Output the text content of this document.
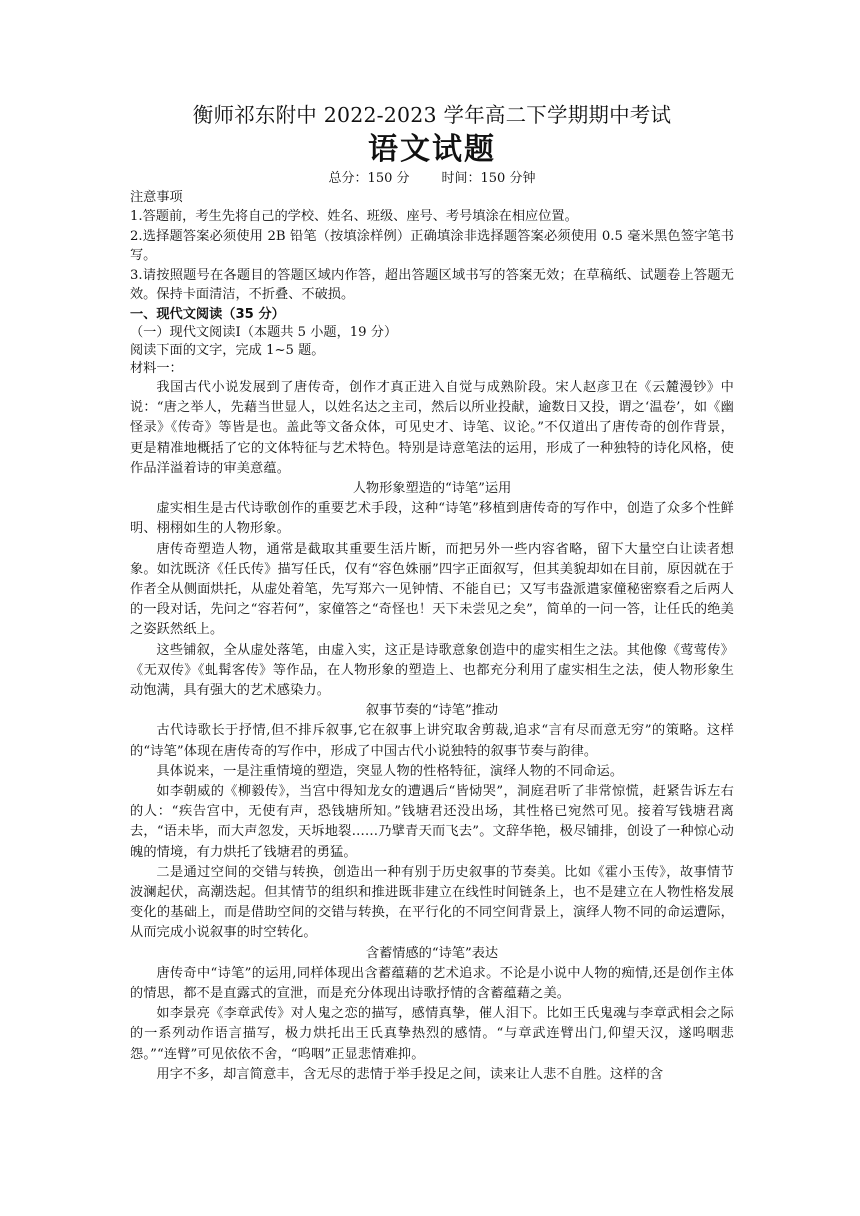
衡师祁东附中 2022-2023 学年高二下学期期中考试
语文试题
总分：150 分 时间：150 分钟
注意事项
1.答题前，考生先将自己的学校、姓名、班级、座号、考号填涂在相应位置。
2.选择题答案必须使用 2B 铅笔（按填涂样例）正确填涂非选择题答案必须使用 0.5 毫米黑色签字笔书写。
3.请按照题号在各题目的答题区域内作答，超出答题区域书写的答案无效；在草稿纸、试题卷上答题无效。保持卡面清洁，不折叠、不破损。
一、现代文阅读（35 分）
（一）现代文阅读Ⅰ（本题共 5 小题，19 分）
阅读下面的文字，完成 1~5 题。
材料一：

我国古代小说发展到了唐传奇，创作才真正进入自觉与成熟阶段。宋人赵彦卫在《云麓漫钞》中说：“唐之举人，先藉当世显人，以姓名达之主司，然后以所业投献，逾数日又投，谓之‘温卷’，如《幽怪录》《传奇》等皆是也。盖此等文备众体，可见史才、诗笔、议论。”不仅道出了唐传奇的创作背景，更是精准地概括了它的文体特征与艺术特色。特别是诗意笔法的运用，形成了一种独特的诗化风格，使作品洋溢着诗的审美意蕴。

人物形象塑造的“诗笔”运用

虚实相生是古代诗歌创作的重要艺术手段，这种“诗笔”移植到唐传奇的写作中，创造了众多个性鲜明、栩栩如生的人物形象。

唐传奇塑造人物，通常是截取其重要生活片断，而把另外一些内容省略，留下大量空白让读者想象。如沈既济《任氏传》描写任氏，仅有“容色姝丽”四字正面叙写，但其美貌却如在目前，原因就在于作者全从侧面烘托，从虚处着笔，先写郑六一见钟情、不能自已；又写韦盎派遣家僮秘密察看之后两人的一段对话，先问之“容若何”，家僮答之“奇怪也！天下未尝见之矣”，简单的一问一答，让任氏的绝美之姿跃然纸上。

这些铺叙，全从虚处落笔，由虚入实，这正是诗歌意象创造中的虚实相生之法。其他像《莺莺传》《无双传》《虬髯客传》等作品，在人物形象的塑造上、也都充分利用了虚实相生之法，使人物形象生动饱满，具有强大的艺术感染力。

叙事节奏的“诗笔”推动

古代诗歌长于抒情,但不排斥叙事,它在叙事上讲究取舍剪裁,追求“言有尽而意无穷”的策略。这样的“诗笔”体现在唐传奇的写作中，形成了中国古代小说独特的叙事节奏与韵律。

具体说来，一是注重情境的塑造，突显人物的性格特征，演绎人物的不同命运。

如李朝威的《柳毅传》，当宫中得知龙女的遭遇后“皆恸哭”，洞庭君听了非常惊慌，赶紧告诉左右的人：“疾告宫中，无使有声，恐钱塘所知。”钱塘君还没出场，其性格已宛然可见。接着写钱塘君离去，“语未毕，而大声忽发，天坼地裂……乃擘青天而飞去”。文辞华艳，极尽铺排，创设了一种惊心动魄的情境，有力烘托了钱塘君的勇猛。

二是通过空间的交错与转换，创造出一种有别于历史叙事的节奏美。比如《霍小玉传》，故事情节波澜起伏，高潮迭起。但其情节的组织和推进既非建立在线性时间链条上，也不是建立在人物性格发展变化的基础上，而是借助空间的交错与转换，在平行化的不同空间背景上，演绎人物不同的命运遭际，从而完成小说叙事的时空转化。

含蓄情感的“诗笔”表达

唐传奇中“诗笔”的运用,同样体现出含蓄蕴藉的艺术追求。不论是小说中人物的痴情,还是创作主体的情思，都不是直露式的宣泄，而是充分体现出诗歌抒情的含蓄蕴藉之美。

如李景亮《李章武传》对人鬼之恋的描写，感情真挚，催人泪下。比如王氏鬼魂与李章武相会之际的一系列动作语言描写，极力烘托出王氏真挚热烈的感情。“与章武连臂出门,仰望天汉，遂呜咽悲怨。”“连臂”可见依依不舍，“呜咽”正显悲情难抑。

用字不多，却言简意丰，含无尽的悲情于举手投足之间，读来让人悲不自胜。这样的含
